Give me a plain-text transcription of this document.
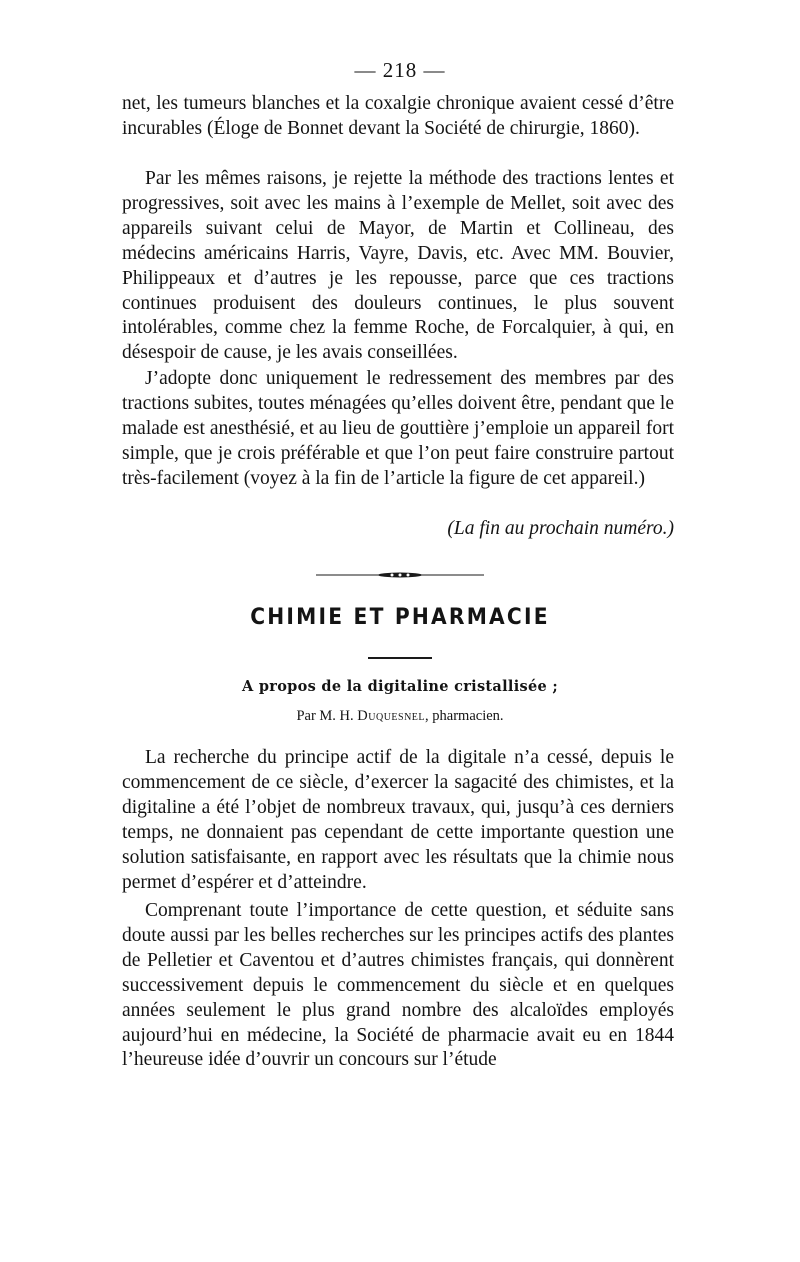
— 218 —

net, les tumeurs blanches et la coxalgie chronique avaient cessé d’être incurables (Éloge de Bonnet devant la Société de chirurgie, 1860).

Par les mêmes raisons, je rejette la méthode des tractions lentes et progressives, soit avec les mains à l’exemple de Mellet, soit avec des appareils suivant celui de Mayor, de Martin et Collineau, des médecins américains Harris, Vayre, Davis, etc. Avec MM. Bouvier, Philippeaux et d’autres je les repousse, parce que ces tractions continues produisent des douleurs continues, le plus souvent intolérables, comme chez la femme Roche, de Forcalquier, à qui, en désespoir de cause, je les avais conseillées.

J’adopte donc uniquement le redressement des membres par des tractions subites, toutes ménagées qu’elles doivent être, pendant que le malade est anesthésié, et au lieu de gouttière j’emploie un appareil fort simple, que je crois préférable et que l’on peut faire construire partout très-facilement (voyez à la fin de l’article la figure de cet appareil.)

(La fin au prochain numéro.)
CHIMIE ET PHARMACIE
A propos de la digitaline cristallisée ;
Par M. H. Duquesnel, pharmacien.

La recherche du principe actif de la digitale n’a cessé, depuis le commencement de ce siècle, d’exercer la sagacité des chimistes, et la digitaline a été l’objet de nombreux travaux, qui, jusqu’à ces derniers temps, ne donnaient pas cependant de cette importante question une solution satisfaisante, en rapport avec les résultats que la chimie nous permet d’espérer et d’atteindre.

Comprenant toute l’importance de cette question, et séduite sans doute aussi par les belles recherches sur les principes actifs des plantes de Pelletier et Caventou et d’autres chimistes français, qui donnèrent successivement depuis le commencement du siècle et en quelques années seulement le plus grand nombre des alcaloïdes employés aujourd’hui en médecine, la Société de pharmacie avait eu en 1844 l’heureuse idée d’ouvrir un concours sur l’étude
